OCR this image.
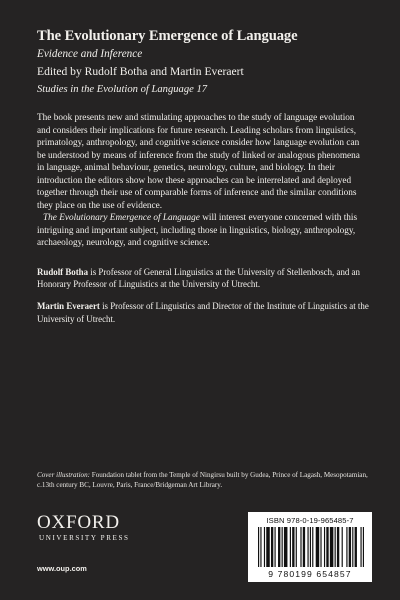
The Evolutionary Emergence of Language
Evidence and Inference
Edited by Rudolf Botha and Martin Everaert
Studies in the Evolution of Language 17

The book presents new and stimulating approaches to the study of language evolution and considers their implications for future research. Leading scholars from linguistics, primatology, anthropology, and cognitive science consider how language evolution can be understood by means of inference from the study of linked or analogous phenomena in language, animal behaviour, genetics, neurology, culture, and biology. In their introduction the editors show how these approaches can be interrelated and deployed together through their use of comparable forms of inference and the similar conditions they place on the use of evidence.

The Evolutionary Emergence of Language will interest everyone concerned with this intriguing and important subject, including those in linguistics, biology, anthropology, archaeology, neurology, and cognitive science.

Rudolf Botha is Professor of General Linguistics at the University of Stellenbosch, and an Honorary Professor of Linguistics at the University of Utrecht.

Martin Everaert is Professor of Linguistics and Director of the Institute of Linguistics at the University of Utrecht.

Cover illustration: Foundation tablet from the Temple of Ningirsu built by Gudea, Prince of Lagash, Mesopotamian, c.13th century BC, Louvre, Paris, France/Bridgeman Art Library.
OXFORD
UNIVERSITY PRESS
www.oup.com
ISBN 978-0-19-965485-7
9 780199 654857
